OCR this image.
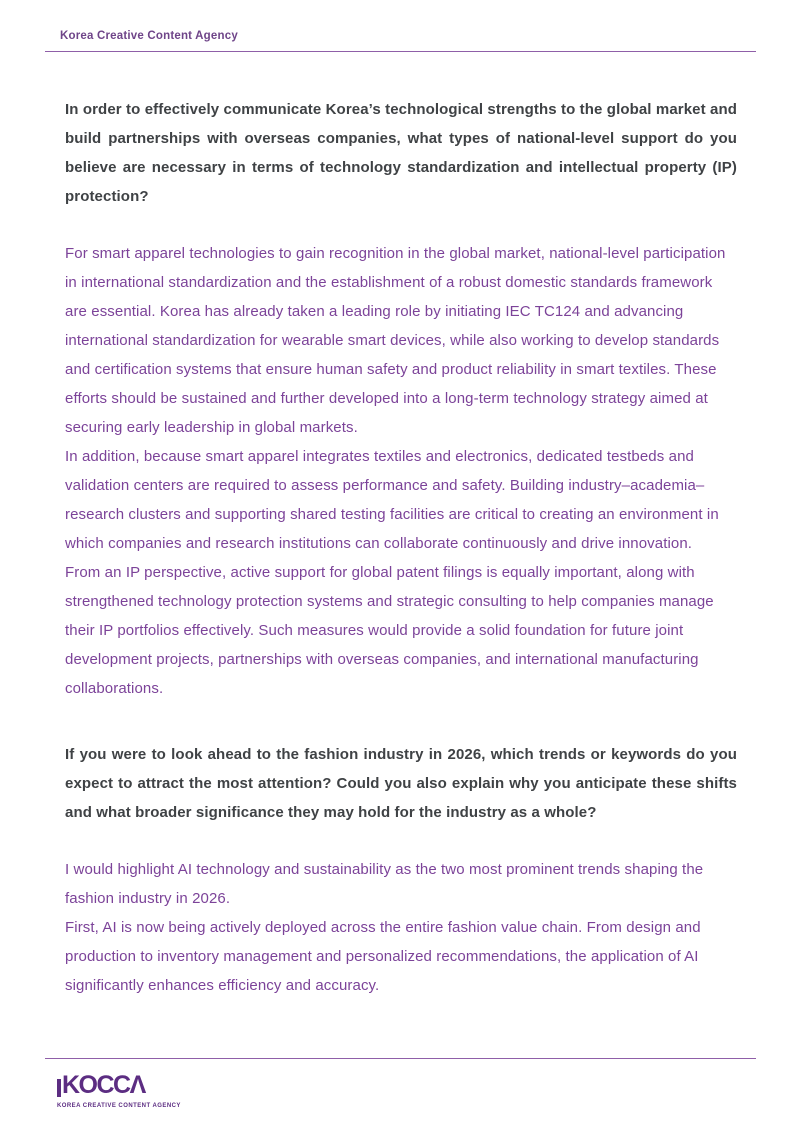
Korea Creative Content Agency

In order to effectively communicate Korea’s technological strengths to the global market and build partnerships with overseas companies, what types of national-level support do you believe are necessary in terms of technology standardization and intellectual property (IP) protection?

For smart apparel technologies to gain recognition in the global market, national-level participation in international standardization and the establishment of a robust domestic standards framework are essential. Korea has already taken a leading role by initiating IEC TC124 and advancing international standardization for wearable smart devices, while also working to develop standards and certification systems that ensure human safety and product reliability in smart textiles. These efforts should be sustained and further developed into a long-term technology strategy aimed at securing early leadership in global markets.

In addition, because smart apparel integrates textiles and electronics, dedicated testbeds and validation centers are required to assess performance and safety. Building industry–academia–research clusters and supporting shared testing facilities are critical to creating an environment in which companies and research institutions can collaborate continuously and drive innovation.

From an IP perspective, active support for global patent filings is equally important, along with strengthened technology protection systems and strategic consulting to help companies manage their IP portfolios effectively. Such measures would provide a solid foundation for future joint development projects, partnerships with overseas companies, and international manufacturing collaborations.

If you were to look ahead to the fashion industry in 2026, which trends or keywords do you expect to attract the most attention? Could you also explain why you anticipate these shifts and what broader significance they may hold for the industry as a whole?

I would highlight AI technology and sustainability as the two most prominent trends shaping the fashion industry in 2026.

First, AI is now being actively deployed across the entire fashion value chain. From design and production to inventory management and personalized recommendations, the application of AI significantly enhances efficiency and accuracy.

KOCCΛ
KOREA CREATIVE CONTENT AGENCY
